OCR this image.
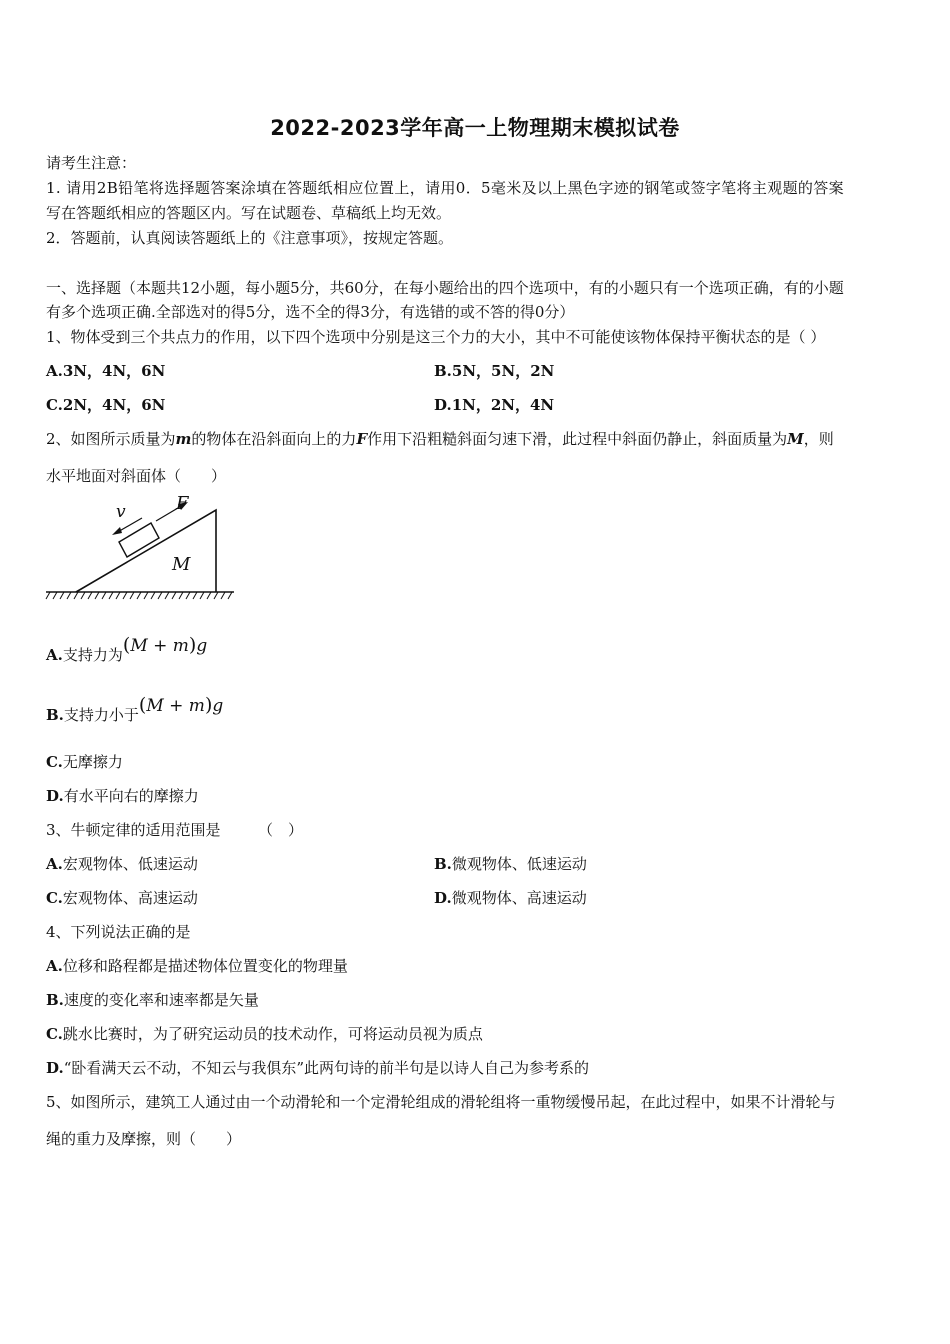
2022-2023学年高一上物理期末模拟试卷
请考生注意：
1. 请用2B铅笔将选择题答案涂填在答题纸相应位置上，请用0．5毫米及以上黑色字迹的钢笔或签字笔将主观题的答案
写在答题纸相应的答题区内。写在试题卷、草稿纸上均无效。
2．答题前，认真阅读答题纸上的《注意事项》，按规定答题。
一、选择题（本题共12小题，每小题5分，共60分，在每小题给出的四个选项中，有的小题只有一个选项正确，有的小题
有多个选项正确.全部选对的得5分，选不全的得3分，有选错的或不答的得0分）
1、物体受到三个共点力的作用，以下四个选项中分别是这三个力的大小，其中不可能使该物体保持平衡状态的是（ ）
A.3N，4N，6N	B.5N，5N，2N
C.2N，4N，6N	D.1N，2N，4N
2、如图所示质量为m的物体在沿斜面向上的力F作用下沿粗糙斜面匀速下滑，此过程中斜面仍静止，斜面质量为M，则
水平地面对斜面体（　　）
v	F
M
A.支持力为(M + m)g
B.支持力小于(M + m)g
C.无摩擦力
D.有水平向右的摩擦力
3、牛顿定律的适用范围是　　　（　）
A.宏观物体、低速运动	B.微观物体、低速运动
C.宏观物体、高速运动	D.微观物体、高速运动
4、下列说法正确的是
A.位移和路程都是描述物体位置变化的物理量
B.速度的变化率和速率都是矢量
C.跳水比赛时，为了研究运动员的技术动作，可将运动员视为质点
D.“卧看满天云不动，不知云与我俱东”此两句诗的前半句是以诗人自己为参考系的
5、如图所示，建筑工人通过由一个动滑轮和一个定滑轮组成的滑轮组将一重物缓慢吊起，在此过程中，如果不计滑轮与
绳的重力及摩擦，则（　　）
